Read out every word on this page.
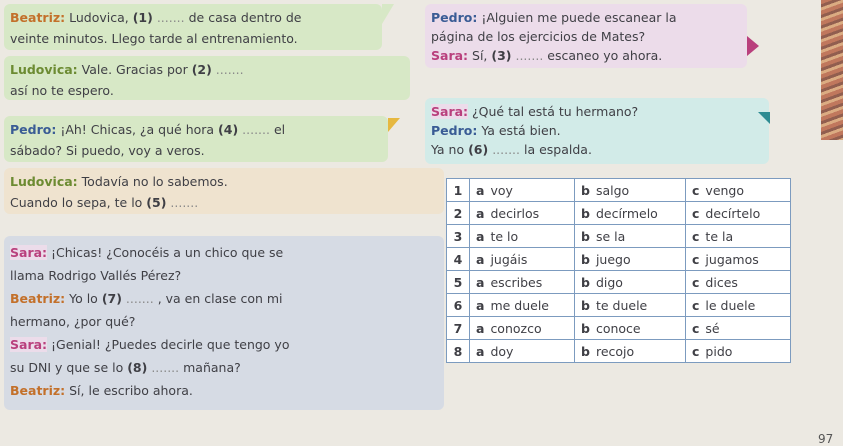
Beatriz: Ludovica, (1) ....... de casa dentro de
veinte minutos. Llego tarde al entrenamiento.
Ludovica: Vale. Gracias por (2) .......
así no te espero.
Pedro: ¡Alguien me puede escanear la
página de los ejercicios de Mates?
Sara: Sí, (3) ....... escaneo yo ahora.
Sara: ¿Qué tal está tu hermano?
Pedro: Ya está bien.
Ya no (6) ....... la espalda.
Pedro: ¡Ah! Chicas, ¿a qué hora (4) ....... el
sábado? Si puedo, voy a veros.
Ludovica: Todavía no lo sabemos.
Cuando lo sepa, te lo (5) .......
Sara: ¡Chicas! ¿Conocéis a un chico que se
llama Rodrigo Vallés Pérez?
Beatriz: Yo lo (7) ....... , va en clase con mi
hermano, ¿por qué?
Sara: ¡Genial! ¿Puedes decirle que tengo yo
su DNI y que se lo (8) ....... mañana?
Beatriz: Sí, le escribo ahora.
1	a voy	b salgo	c vengo
2	a decirlos	b decírmelo	c decírtelo
3	a te lo	b se la	c te la
4	a jugáis	b juego	c jugamos
5	a escribes	b digo	c dices
6	a me duele	b te duele	c le duele
7	a conozco	b conoce	c sé
8	a doy	b recojo	c pido
97
